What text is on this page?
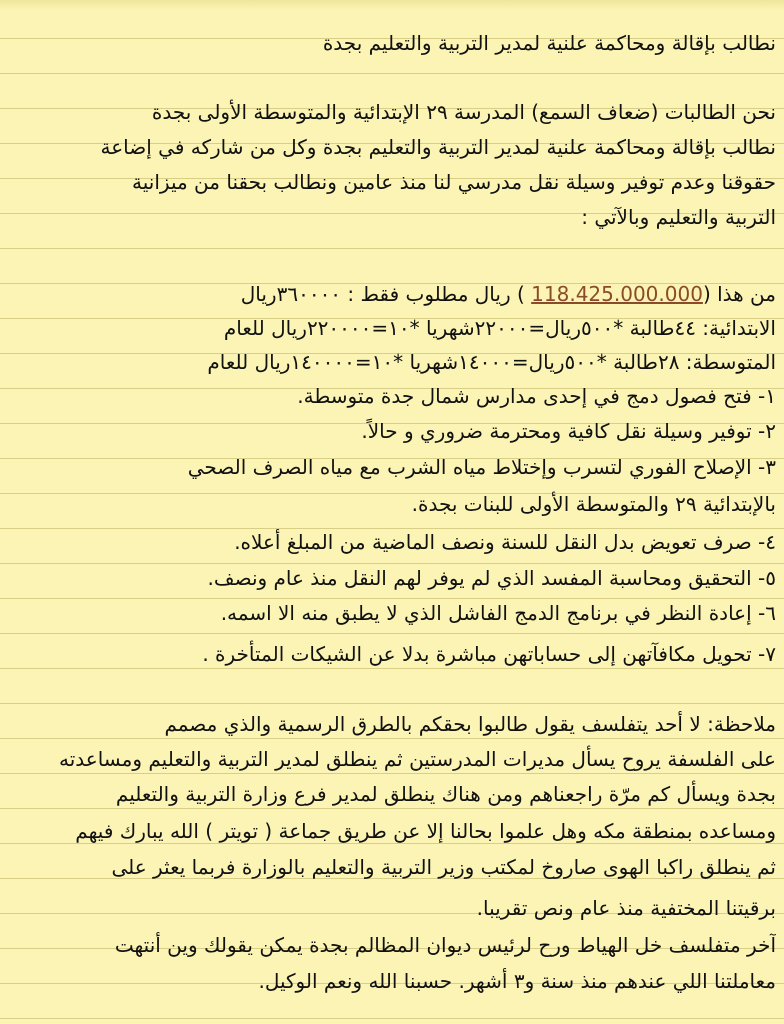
نطالب بإقالة ومحاكمة علنية لمدير التربية والتعليم بجدة
نحن الطالبات (ضعاف السمع) المدرسة ٢٩ الإبتدائية والمتوسطة الأولى بجدة
نطالب بإقالة ومحاكمة علنية لمدير التربية والتعليم بجدة وكل من شاركه في إضاعة
حقوقنا وعدم توفير وسيلة نقل مدرسي لنا منذ عامين ونطالب بحقنا من ميزانية
التربية والتعليم وبالآتي :
من هذا (118.425.000.000 ) ريال مطلوب فقط : ٣٦٠٠٠٠ريال
الابتدائية: ٤٤طالبة *٥٠٠ريال=٢٢٠٠٠شهريا *١٠=٢٢٠٠٠٠ريال للعام
المتوسطة: ٢٨طالبة *٥٠٠ريال=١٤٠٠٠شهريا *١٠=١٤٠٠٠٠ريال للعام
١- فتح فصول دمج في إحدى مدارس شمال جدة متوسطة.
٢- توفير وسيلة نقل كافية ومحترمة ضروري و حالاً.
٣- الإصلاح الفوري لتسرب وإختلاط مياه الشرب مع مياه الصرف الصحي
بالإبتدائية ٢٩ والمتوسطة الأولى للبنات بجدة.
٤- صرف تعويض بدل النقل للسنة ونصف الماضية من المبلغ أعلاه.
٥- التحقيق ومحاسبة المفسد الذي لم يوفر لهم النقل منذ عام ونصف.
٦- إعادة النظر في برنامج الدمج الفاشل الذي لا يطبق منه الا اسمه.
٧- تحويل مكافآتهن إلى حساباتهن مباشرة بدلا عن الشيكات المتأخرة .
ملاحظة: لا أحد يتفلسف يقول طالبوا بحقكم بالطرق الرسمية والذي مصمم
على الفلسفة يروح يسأل مديرات المدرستين ثم ينطلق لمدير التربية والتعليم ومساعدته
بجدة ويسأل كم مرّة راجعناهم ومن هناك ينطلق لمدير فرع وزارة التربية والتعليم
ومساعده بمنطقة مكه وهل علموا بحالنا إلا عن طريق جماعة ( تويتر ) الله يبارك فيهم
ثم ينطلق راكبا الهوى صاروخ لمكتب وزير التربية والتعليم بالوزارة فربما يعثر على
برقيتنا المختفية منذ عام ونص تقريبا.
آخر متفلسف خل الهياط ورح لرئيس ديوان المظالم بجدة يمكن يقولك وين أنتهت
معاملتنا اللي عندهم منذ سنة و٣ أشهر. حسبنا الله ونعم الوكيل.
